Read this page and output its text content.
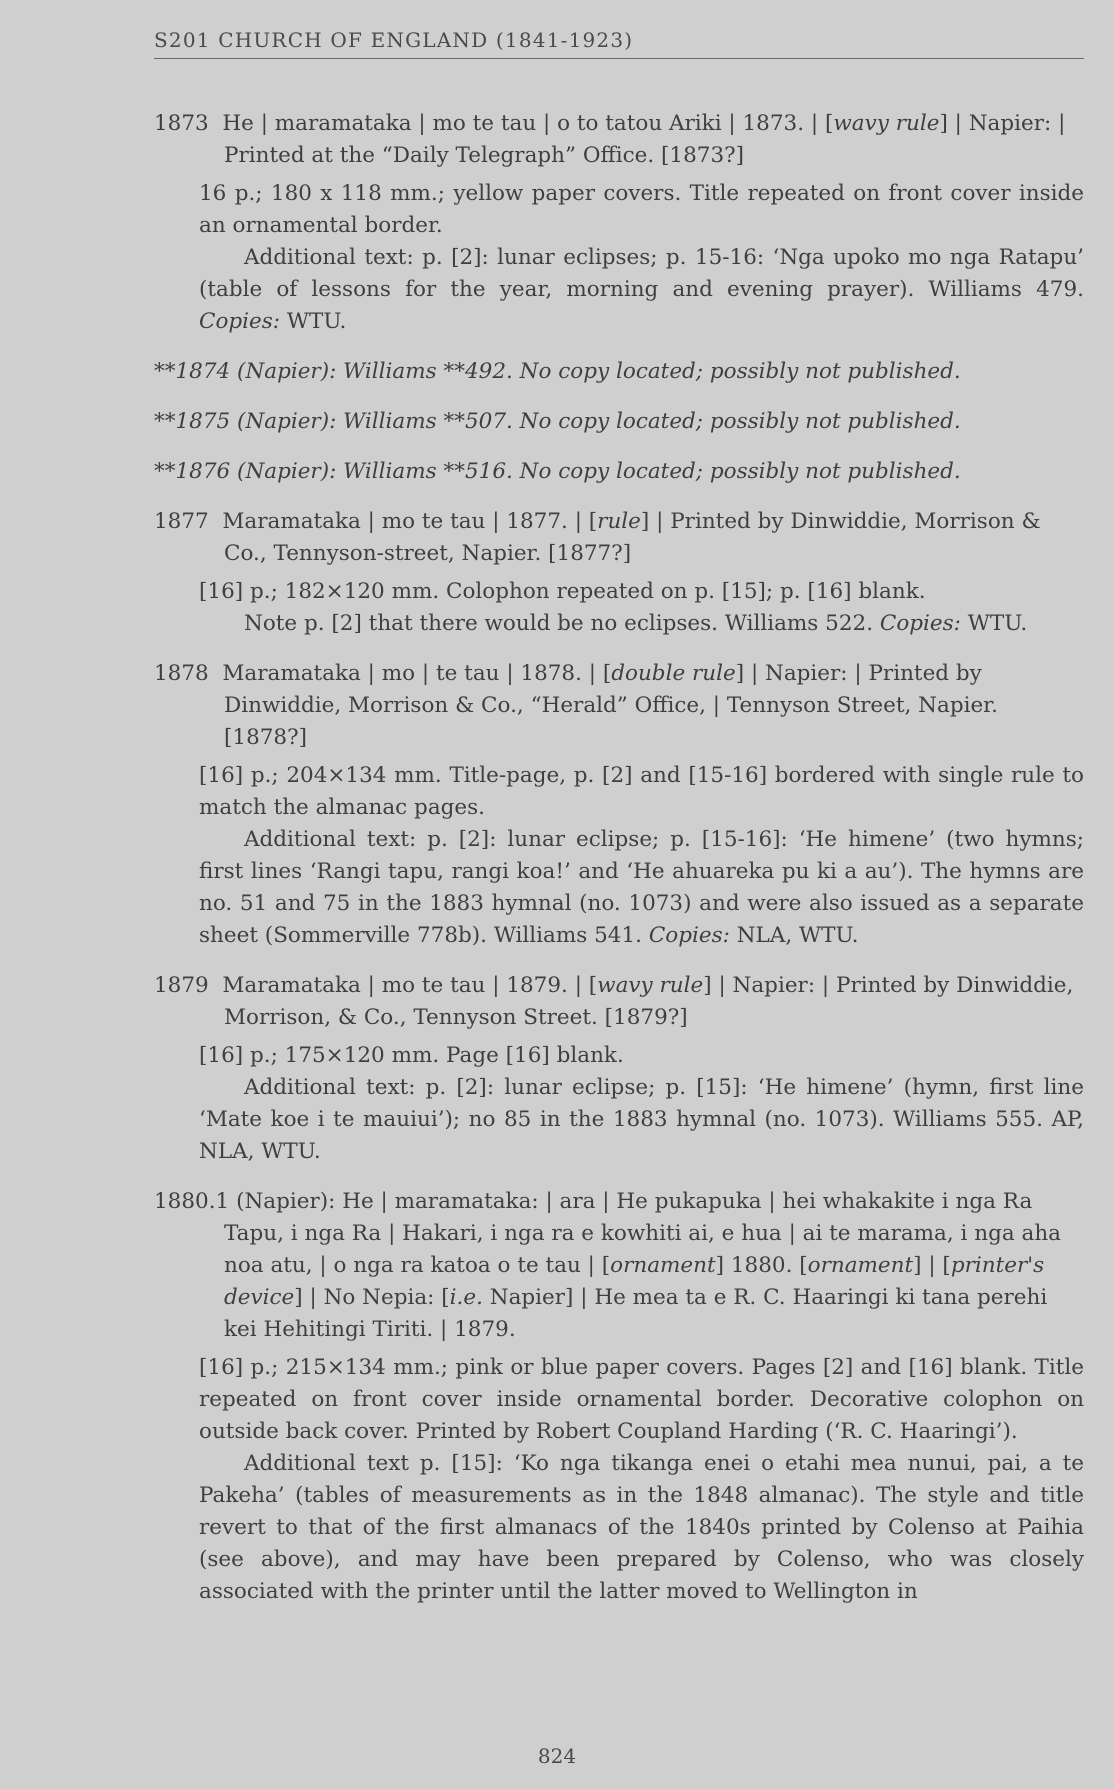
S201 CHURCH OF ENGLAND (1841-1923)
1873 He | maramataka | mo te tau | o to tatou Ariki | 1873. | [wavy rule] | Napier: | Printed at the “Daily Telegraph” Office. [1873?]

16 p.; 180 x 118 mm.; yellow paper covers. Title repeated on front cover inside an ornamental border.

Additional text: p. [2]: lunar eclipses; p. 15-16: ‘Nga upoko mo nga Ratapu’ (table of lessons for the year, morning and evening prayer). Williams 479. Copies: WTU.

**1874 (Napier): Williams **492. No copy located; possibly not published.
**1875 (Napier): Williams **507. No copy located; possibly not published.
**1876 (Napier): Williams **516. No copy located; possibly not published.
1877 Maramataka | mo te tau | 1877. | [rule] | Printed by Dinwiddie, Morrison & Co., Tennyson-street, Napier. [1877?]

[16] p.; 182×120 mm. Colophon repeated on p. [15]; p. [16] blank.

Note p. [2] that there would be no eclipses. Williams 522. Copies: WTU.

1878 Maramataka | mo | te tau | 1878. | [double rule] | Napier: | Printed by Dinwiddie, Morrison & Co., “Herald” Office, | Tennyson Street, Napier. [1878?]

[16] p.; 204×134 mm. Title-page, p. [2] and [15-16] bordered with single rule to match the almanac pages.

Additional text: p. [2]: lunar eclipse; p. [15-16]: ‘He himene’ (two hymns; first lines ‘Rangi tapu, rangi koa!’ and ‘He ahuareka pu ki a au’). The hymns are no. 51 and 75 in the 1883 hymnal (no. 1073) and were also issued as a separate sheet (Sommerville 778b). Williams 541. Copies: NLA, WTU.

1879 Maramataka | mo te tau | 1879. | [wavy rule] | Napier: | Printed by Dinwiddie, Morrison, & Co., Tennyson Street. [1879?]

[16] p.; 175×120 mm. Page [16] blank.

Additional text: p. [2]: lunar eclipse; p. [15]: ‘He himene’ (hymn, first line ‘Mate koe i te mauiui’); no 85 in the 1883 hymnal (no. 1073). Williams 555. AP, NLA, WTU.

1880.1 (Napier): He | maramataka: | ara | He pukapuka | hei whakakite i nga Ra Tapu, i nga Ra | Hakari, i nga ra e kowhiti ai, e hua | ai te marama, i nga aha noa atu, | o nga ra katoa o te tau | [ornament] 1880. [ornament] | [printer's device] | No Nepia: [i.e. Napier] | He mea ta e R. C. Haaringi ki tana perehi kei Hehitingi Tiriti. | 1879.

[16] p.; 215×134 mm.; pink or blue paper covers. Pages [2] and [16] blank. Title repeated on front cover inside ornamental border. Decorative colophon on outside back cover. Printed by Robert Coupland Harding (‘R. C. Haaringi’).

Additional text p. [15]: ‘Ko nga tikanga enei o etahi mea nunui, pai, a te Pakeha’ (tables of measurements as in the 1848 almanac). The style and title revert to that of the first almanacs of the 1840s printed by Colenso at Paihia (see above), and may have been prepared by Colenso, who was closely associated with the printer until the latter moved to Wellington in

824
